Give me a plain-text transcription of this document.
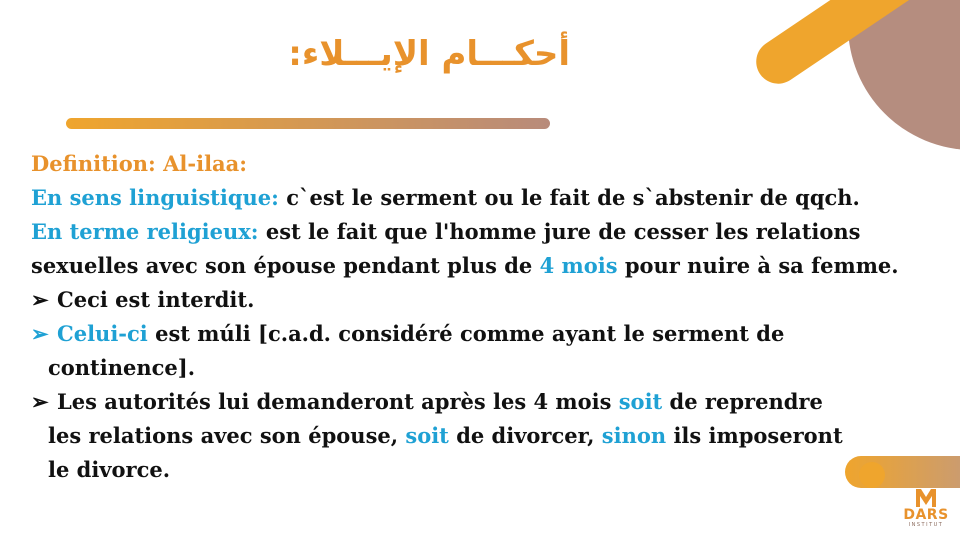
أحكـــام الإيـــلاء:

Definition: Al-ilaa:

En sens linguistique: c`est le serment ou le fait de s`abstenir de qqch.

En terme religieux: est le fait que l'homme jure de cesser les relations sexuelles avec son épouse pendant plus de 4 mois pour nuire à sa femme.

➢ Ceci est interdit.

➢ Celui-ci est múli [c.a.d. considéré comme ayant le serment de

continence].

➢ Les autorités lui demanderont après les 4 mois soit de reprendre

les relations avec son épouse, soit de divorcer, sinon ils imposeront

le divorce.

DARS
INSTITUT
